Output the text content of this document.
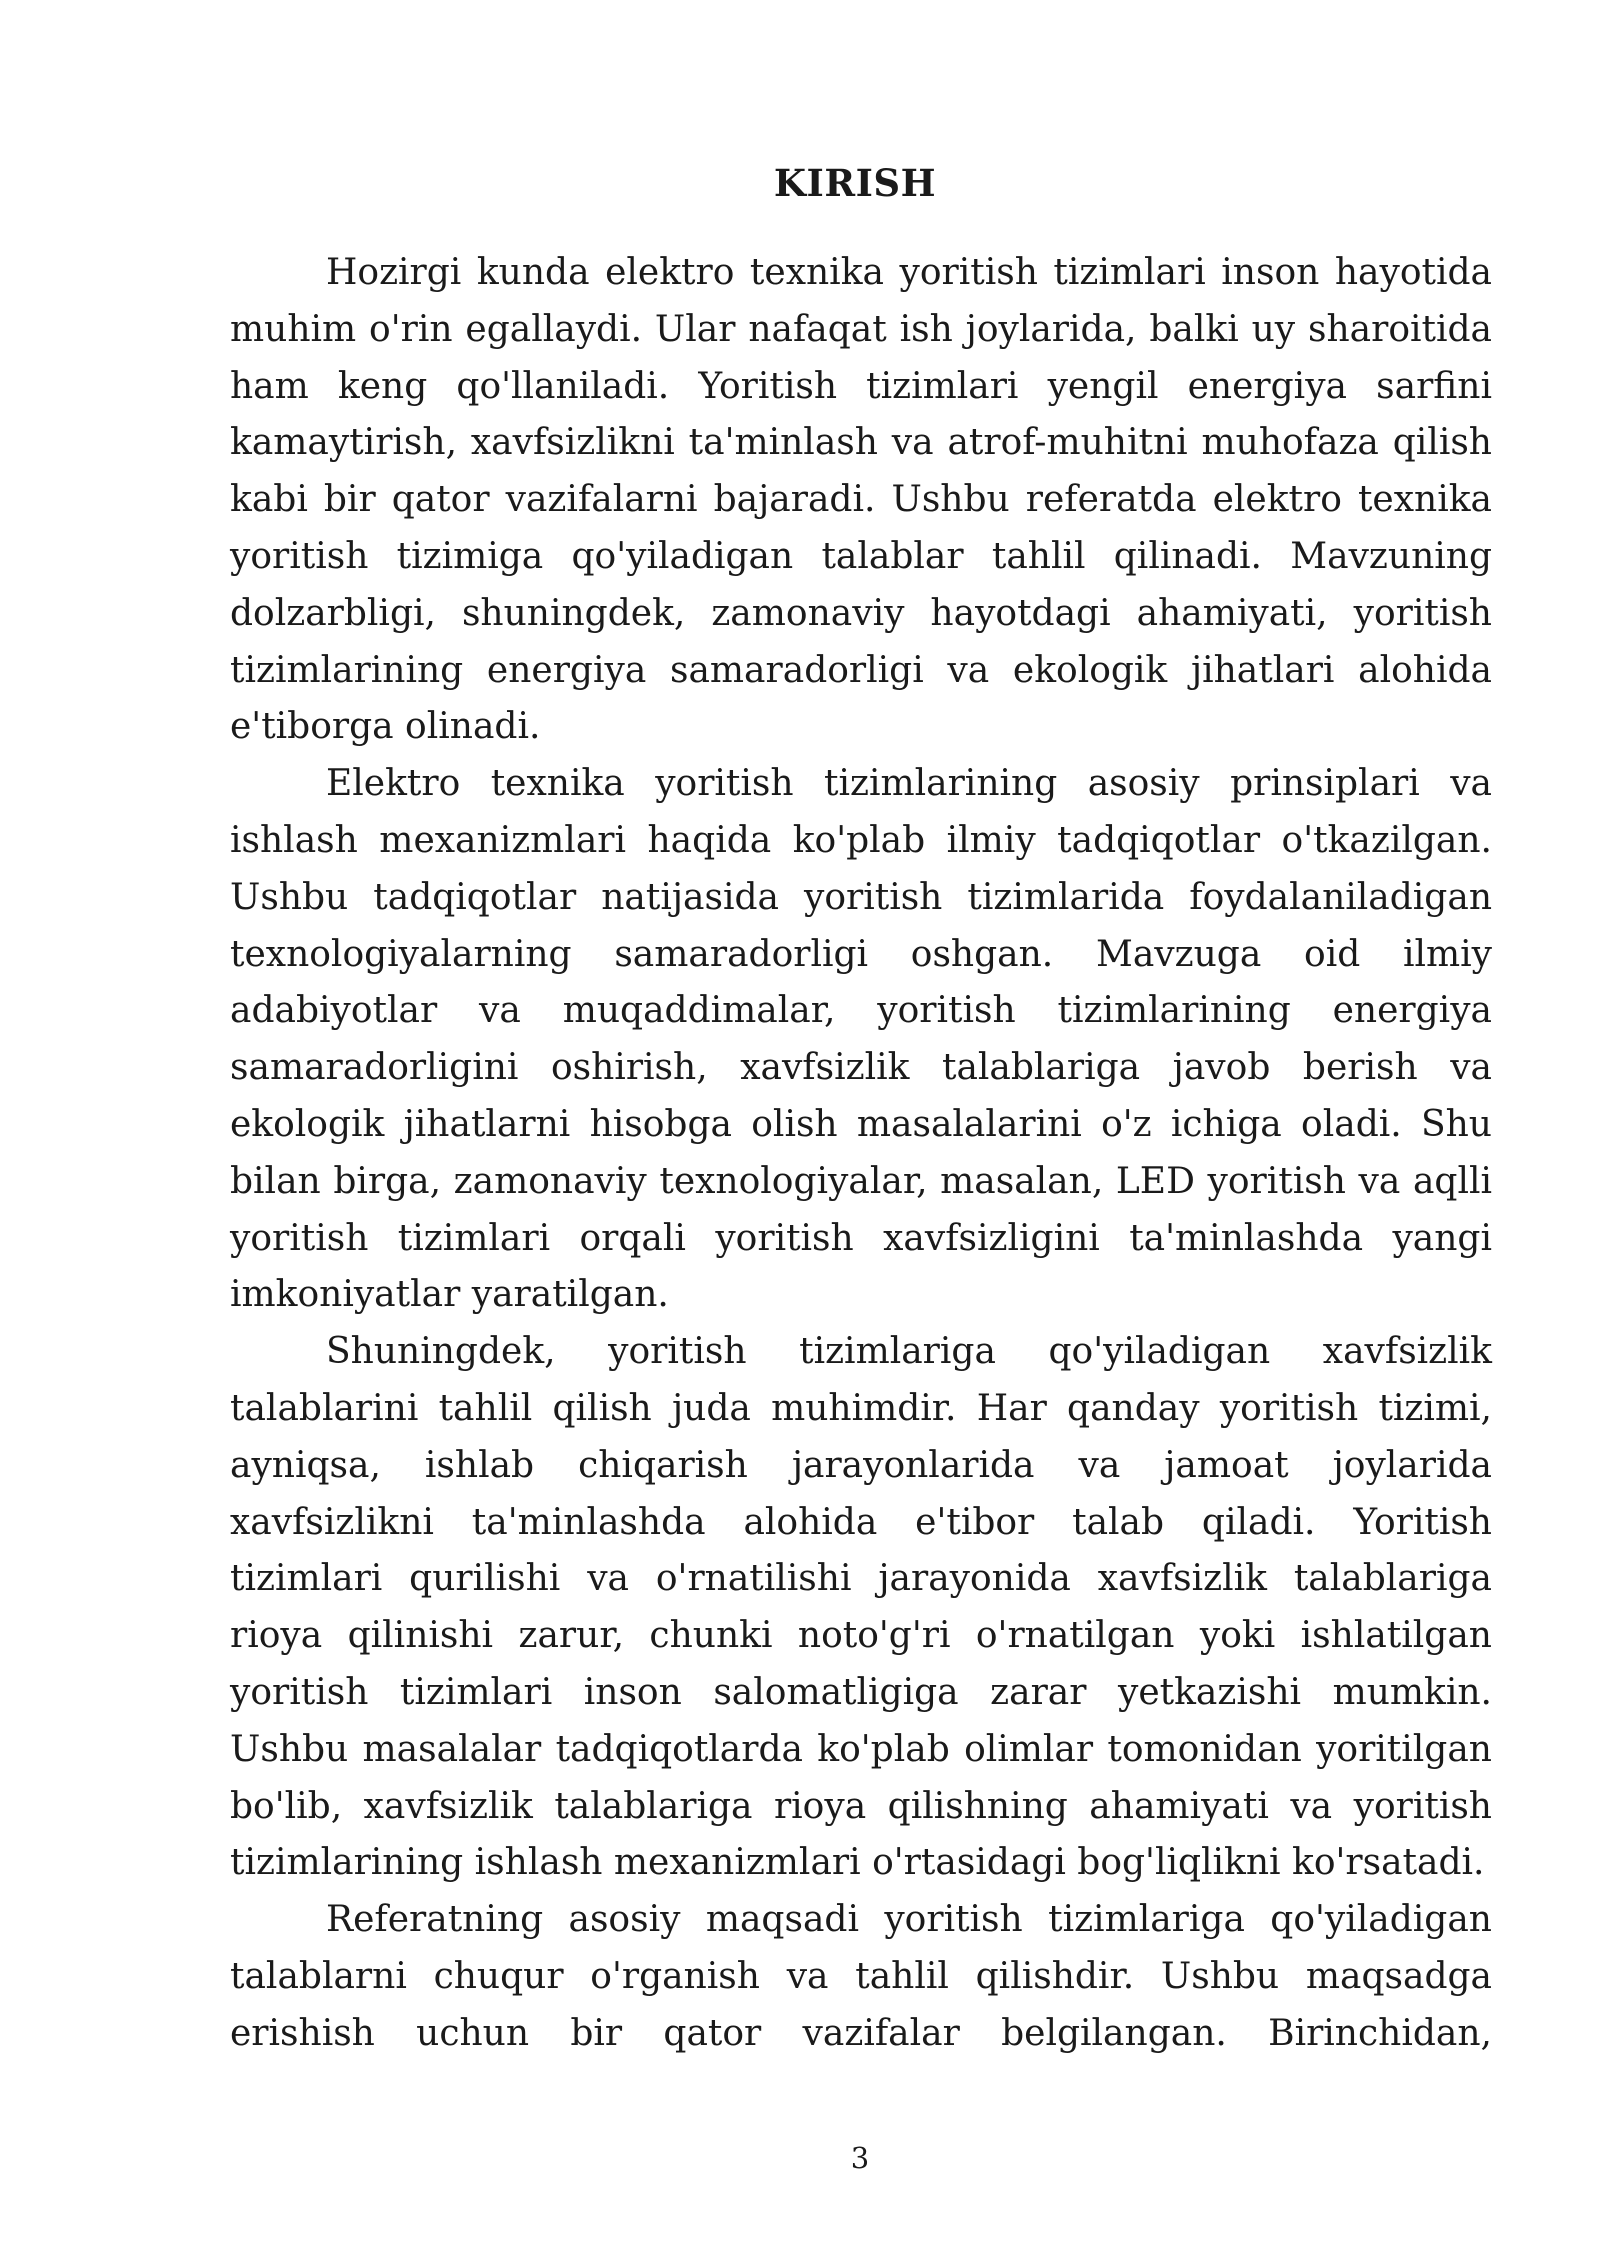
KIRISH

Hozirgi kunda elektro texnika yoritish tizimlari inson hayotida muhim o'rin egallaydi. Ular nafaqat ish joylarida, balki uy sharoitida ham keng qo'llaniladi. Yoritish tizimlari yengil energiya sarfini kamaytirish, xavfsizlikni ta'minlash va atrof-muhitni muhofaza qilish kabi bir qator vazifalarni bajaradi. Ushbu referatda elektro texnika yoritish tizimiga qo'yiladigan talablar tahlil qilinadi. Mavzuning dolzarbligi, shuningdek, zamonaviy hayotdagi ahamiyati, yoritish tizimlarining energiya samaradorligi va ekologik jihatlari alohida e'tiborga olinadi.

Elektro texnika yoritish tizimlarining asosiy prinsiplari va ishlash mexanizmlari haqida ko'plab ilmiy tadqiqotlar o'tkazilgan. Ushbu tadqiqotlar natijasida yoritish tizimlarida foydalaniladigan texnologiyalarning samaradorligi oshgan. Mavzuga oid ilmiy adabiyotlar va muqaddimalar, yoritish tizimlarining energiya samaradorligini oshirish, xavfsizlik talablariga javob berish va ekologik jihatlarni hisobga olish masalalarini o'z ichiga oladi. Shu bilan birga, zamonaviy texnologiyalar, masalan, LED yoritish va aqlli yoritish tizimlari orqali yoritish xavfsizligini ta'minlashda yangi imkoniyatlar yaratilgan.

Shuningdek, yoritish tizimlariga qo'yiladigan xavfsizlik talablarini tahlil qilish juda muhimdir. Har qanday yoritish tizimi, ayniqsa, ishlab chiqarish jarayonlarida va jamoat joylarida xavfsizlikni ta'minlashda alohida e'tibor talab qiladi. Yoritish tizimlari qurilishi va o'rnatilishi jarayonida xavfsizlik talablariga rioya qilinishi zarur, chunki noto'g'ri o'rnatilgan yoki ishlatilgan yoritish tizimlari inson salomatligiga zarar yetkazishi mumkin. Ushbu masalalar tadqiqotlarda ko'plab olimlar tomonidan yoritilgan bo'lib, xavfsizlik talablariga rioya qilishning ahamiyati va yoritish tizimlarining ishlash mexanizmlari o'rtasidagi bog'liqlikni ko'rsatadi.

Referatning asosiy maqsadi yoritish tizimlariga qo'yiladigan talablarni chuqur o'rganish va tahlil qilishdir. Ushbu maqsadga erishish uchun bir qator vazifalar belgilangan. Birinchidan,

3
